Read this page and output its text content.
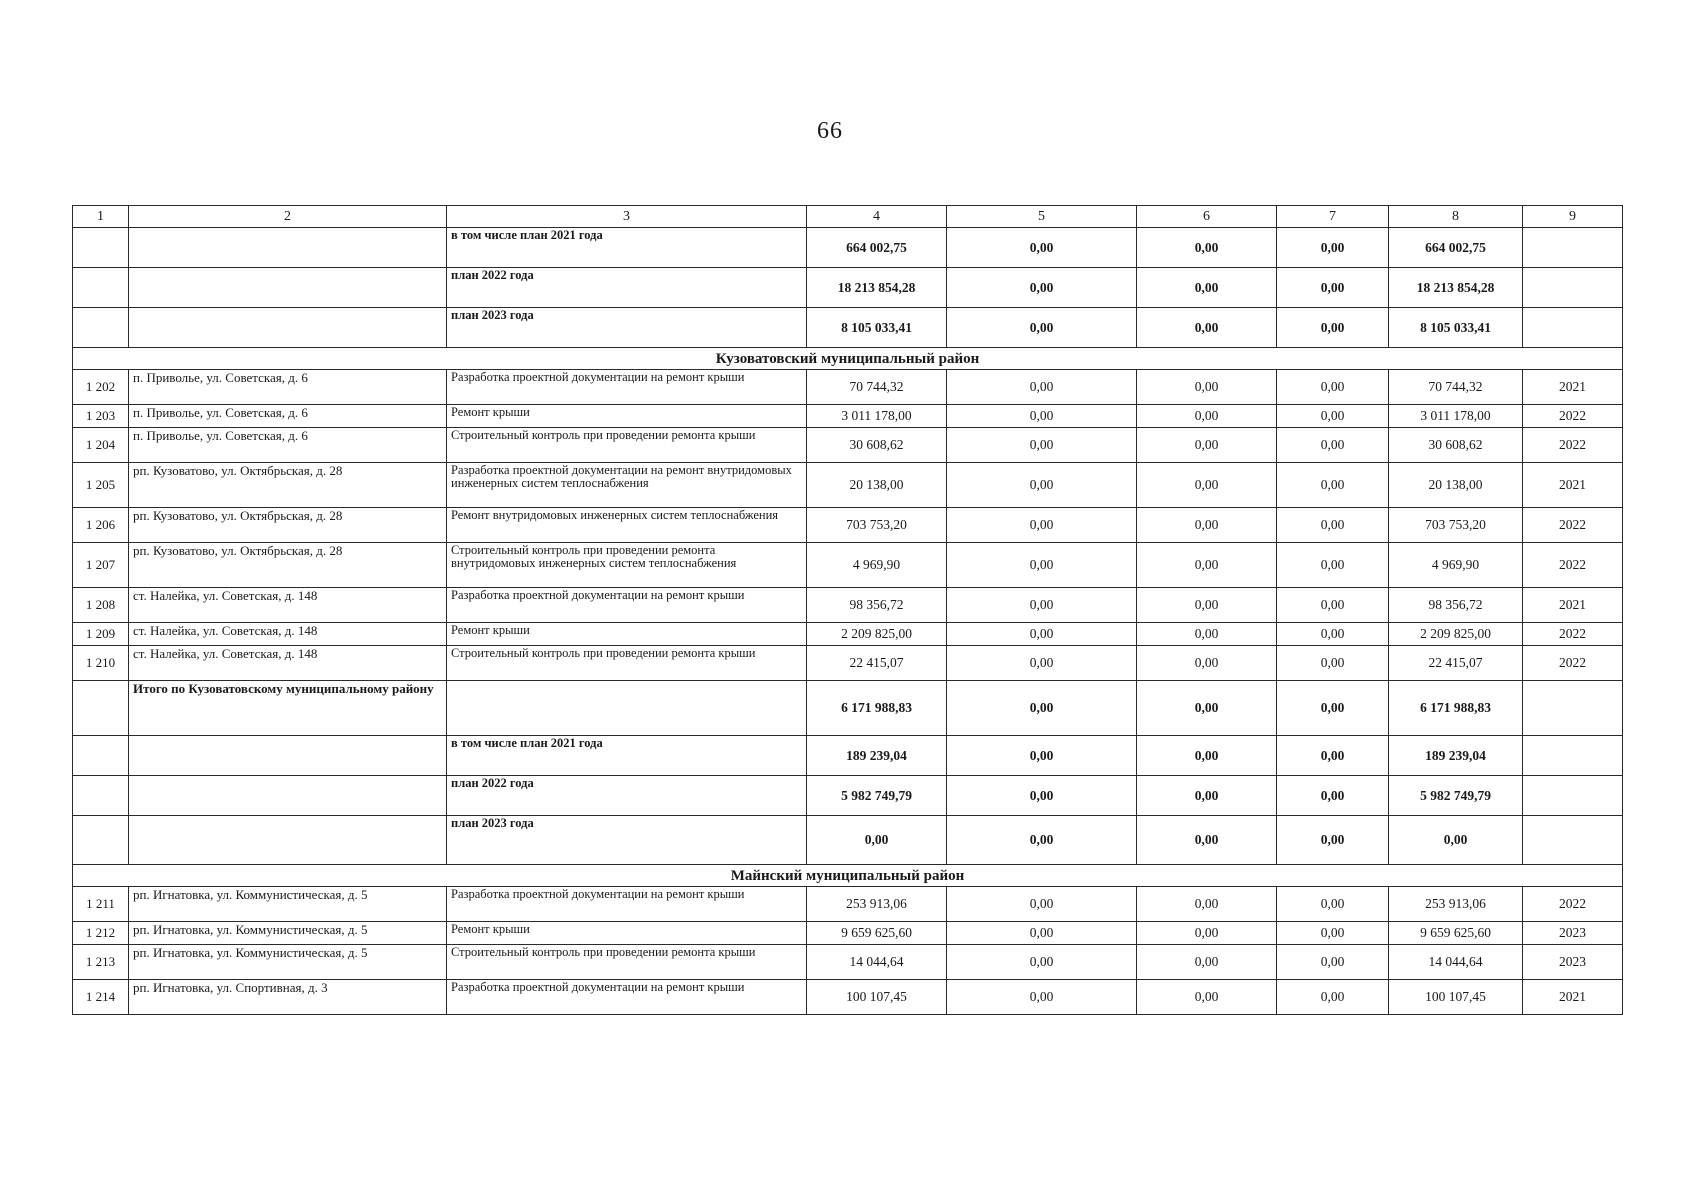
66
1	2	3	4	5	6	7	8	9
		в том числе план 2021 года	664 002,75	0,00	0,00	0,00	664 002,75	
		план 2022 года	18 213 854,28	0,00	0,00	0,00	18 213 854,28	
		план 2023 года	8 105 033,41	0,00	0,00	0,00	8 105 033,41	
Кузоватовский муниципальный район								
1 202	п. Приволье, ул. Советская, д. 6	Разработка проектной документации на ремонт крыши	70 744,32	0,00	0,00	0,00	70 744,32	2021
1 203	п. Приволье, ул. Советская, д. 6	Ремонт крыши	3 011 178,00	0,00	0,00	0,00	3 011 178,00	2022
1 204	п. Приволье, ул. Советская, д. 6	Строительный контроль при проведении ремонта крыши	30 608,62	0,00	0,00	0,00	30 608,62	2022
1 205	рп. Кузоватово, ул. Октябрьская, д. 28	Разработка проектной документации на ремонт внутридомовых инженерных систем теплоснабжения	20 138,00	0,00	0,00	0,00	20 138,00	2021
1 206	рп. Кузоватово, ул. Октябрьская, д. 28	Ремонт внутридомовых инженерных систем теплоснабжения	703 753,20	0,00	0,00	0,00	703 753,20	2022
1 207	рп. Кузоватово, ул. Октябрьская, д. 28	Строительный контроль при проведении ремонта внутридомовых инженерных систем теплоснабжения	4 969,90	0,00	0,00	0,00	4 969,90	2022
1 208	ст. Налейка, ул. Советская, д. 148	Разработка проектной документации на ремонт крыши	98 356,72	0,00	0,00	0,00	98 356,72	2021
1 209	ст. Налейка, ул. Советская, д. 148	Ремонт крыши	2 209 825,00	0,00	0,00	0,00	2 209 825,00	2022
1 210	ст. Налейка, ул. Советская, д. 148	Строительный контроль при проведении ремонта крыши	22 415,07	0,00	0,00	0,00	22 415,07	2022
	Итого по Кузоватовскому муниципальному району		6 171 988,83	0,00	0,00	0,00	6 171 988,83	
		в том числе план 2021 года	189 239,04	0,00	0,00	0,00	189 239,04	
		план 2022 года	5 982 749,79	0,00	0,00	0,00	5 982 749,79	
		план 2023 года	0,00	0,00	0,00	0,00	0,00	
Майнский муниципальный район								
1 211	рп. Игнатовка, ул. Коммунистическая, д. 5	Разработка проектной документации на ремонт крыши	253 913,06	0,00	0,00	0,00	253 913,06	2022
1 212	рп. Игнатовка, ул. Коммунистическая, д. 5	Ремонт крыши	9 659 625,60	0,00	0,00	0,00	9 659 625,60	2023
1 213	рп. Игнатовка, ул. Коммунистическая, д. 5	Строительный контроль при проведении ремонта крыши	14 044,64	0,00	0,00	0,00	14 044,64	2023
1 214	рп. Игнатовка, ул. Спортивная, д. 3	Разработка проектной документации на ремонт крыши	100 107,45	0,00	0,00	0,00	100 107,45	2021
